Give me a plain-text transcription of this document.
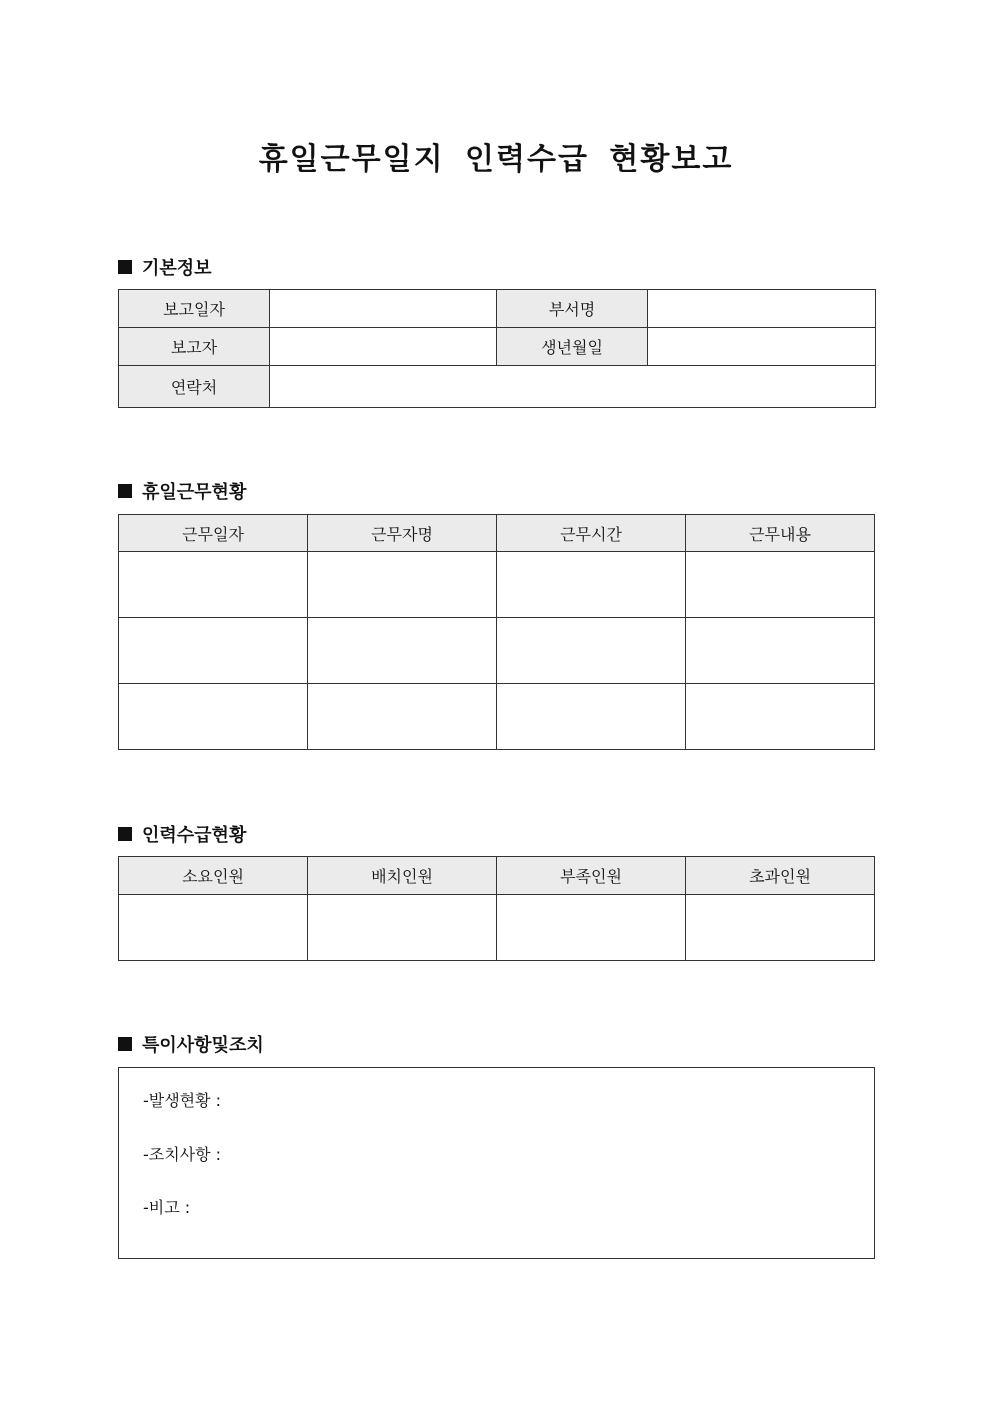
휴일근무일지 인력수급 현황보고
기본정보
보고일자		부서명	
보고자		생년월일	
연락처			
휴일근무현황
근무일자	근무자명	근무시간	근무내용

인력수급현황
소요인원	배치인원	부족인원	초과인원

특이사항및조치
-발생현황 :
-조치사항 :
-비고 :
